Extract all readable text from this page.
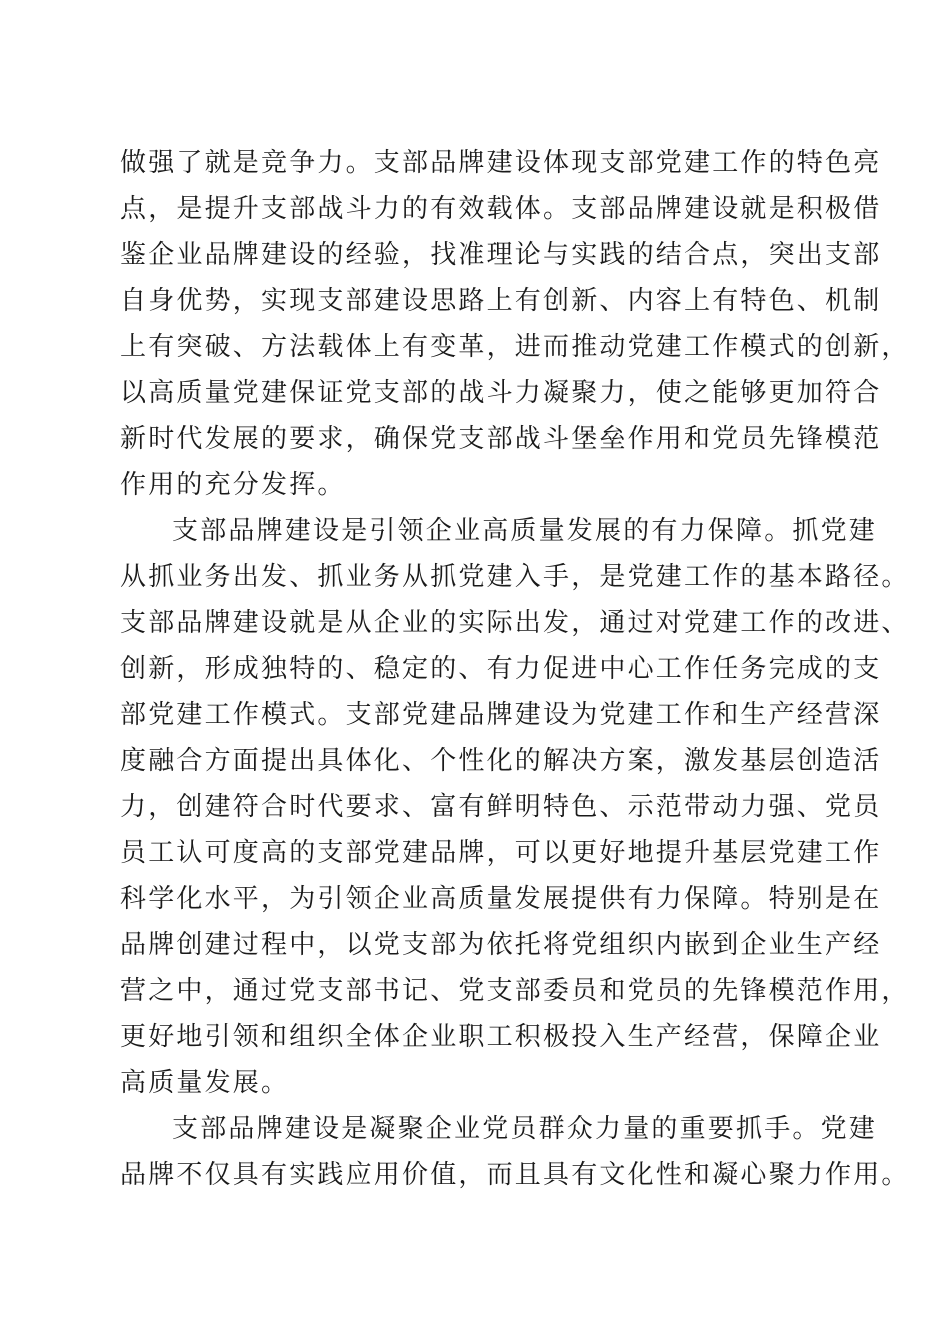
做强了就是竞争力。支部品牌建设体现支部党建工作的特色亮
点，是提升支部战斗力的有效载体。支部品牌建设就是积极借
鉴企业品牌建设的经验，找准理论与实践的结合点，突出支部
自身优势，实现支部建设思路上有创新、内容上有特色、机制
上有突破、方法载体上有变革，进而推动党建工作模式的创新，
以高质量党建保证党支部的战斗力凝聚力，使之能够更加符合
新时代发展的要求，确保党支部战斗堡垒作用和党员先锋模范
作用的充分发挥。
支部品牌建设是引领企业高质量发展的有力保障。抓党建
从抓业务出发、抓业务从抓党建入手，是党建工作的基本路径。
支部品牌建设就是从企业的实际出发，通过对党建工作的改进、
创新，形成独特的、稳定的、有力促进中心工作任务完成的支
部党建工作模式。支部党建品牌建设为党建工作和生产经营深
度融合方面提出具体化、个性化的解决方案，激发基层创造活
力，创建符合时代要求、富有鲜明特色、示范带动力强、党员
员工认可度高的支部党建品牌，可以更好地提升基层党建工作
科学化水平，为引领企业高质量发展提供有力保障。特别是在
品牌创建过程中，以党支部为依托将党组织内嵌到企业生产经
营之中，通过党支部书记、党支部委员和党员的先锋模范作用，
更好地引领和组织全体企业职工积极投入生产经营，保障企业
高质量发展。
支部品牌建设是凝聚企业党员群众力量的重要抓手。党建
品牌不仅具有实践应用价值，而且具有文化性和凝心聚力作用。
